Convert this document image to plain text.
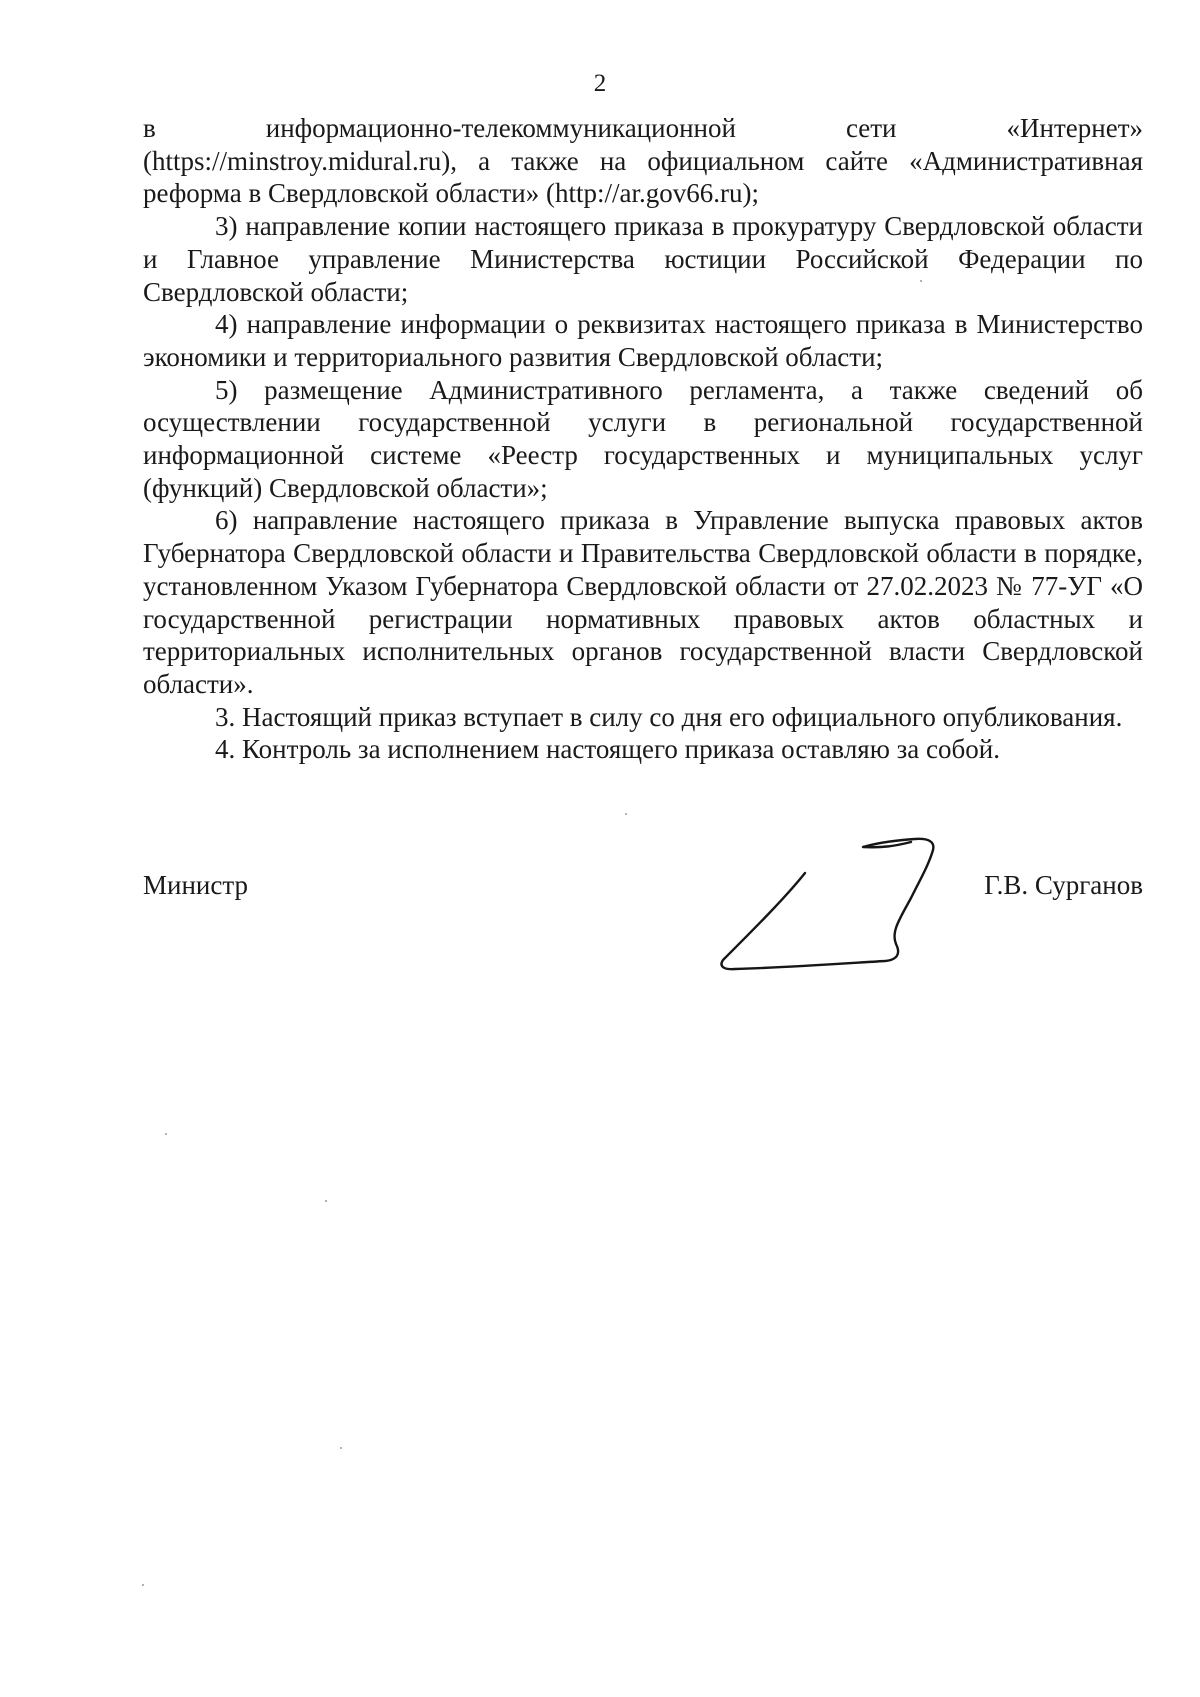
2

в информационно-телекоммуникационной сети «Интернет» (https://minstroy.midural.ru), а также на официальном сайте «Административная реформа в Свердловской области» (http://ar.gov66.ru);

3) направление копии настоящего приказа в прокуратуру Свердловской области и Главное управление Министерства юстиции Российской Федерации по Свердловской области;

4) направление информации о реквизитах настоящего приказа в Министерство экономики и территориального развития Свердловской области;

5) размещение Административного регламента, а также сведений об осуществлении государственной услуги в региональной государственной информационной системе «Реестр государственных и муниципальных услуг (функций) Свердловской области»;

6) направление настоящего приказа в Управление выпуска правовых актов Губернатора Свердловской области и Правительства Свердловской области в порядке, установленном Указом Губернатора Свердловской области от 27.02.2023 № 77-УГ «О государственной регистрации нормативных правовых актов областных и территориальных исполнительных органов государственной власти Свердловской области».

3. Настоящий приказ вступает в силу со дня его официального опубликования.

4. Контроль за исполнением настоящего приказа оставляю за собой.

Министр	Г.В. Сурганов
